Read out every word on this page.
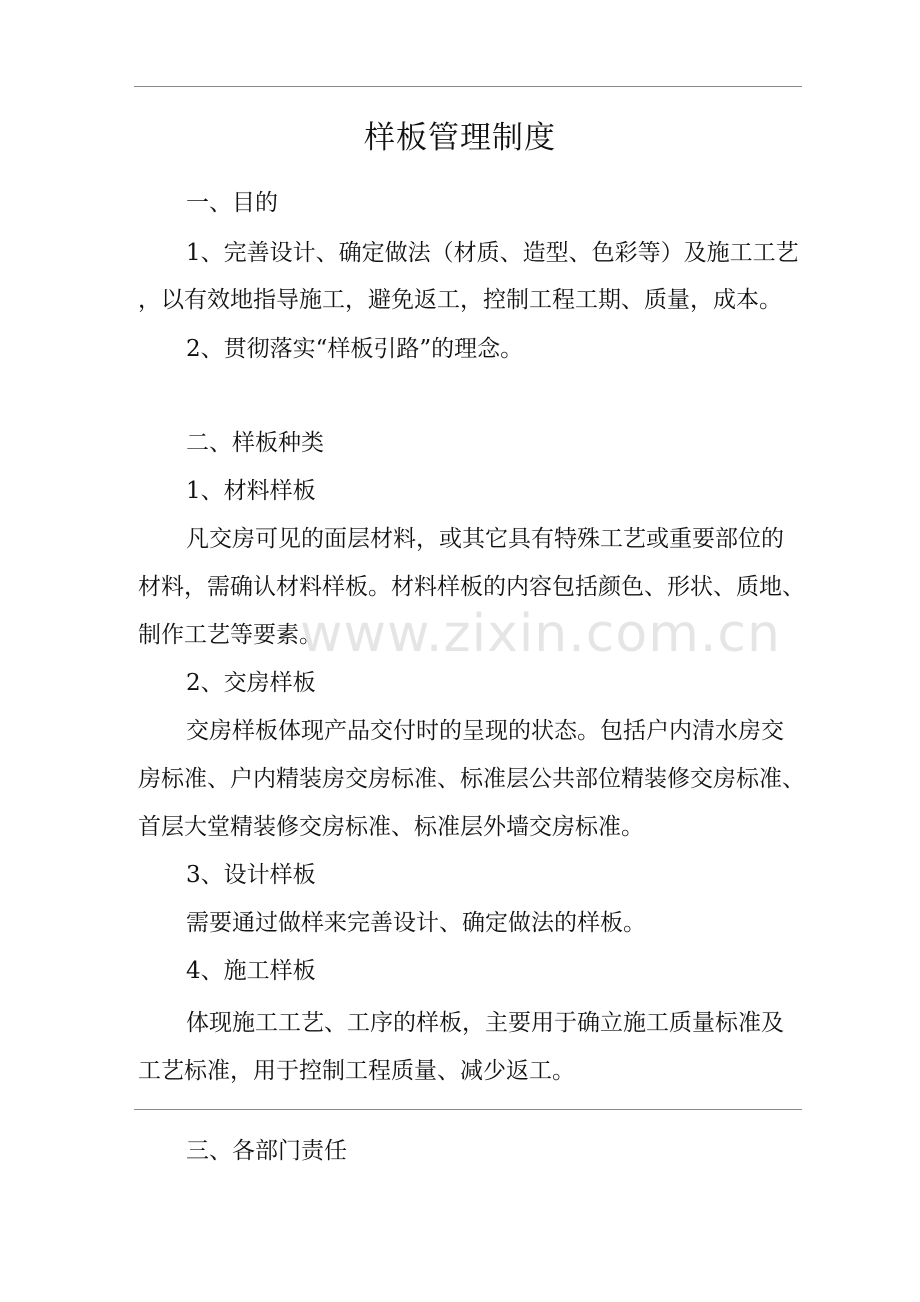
样板管理制度
一、目的
1、完善设计、确定做法（材质、造型、色彩等）及施工工艺
，以有效地指导施工，避免返工，控制工程工期、质量，成本。
2、贯彻落实“样板引路”的理念。
二、样板种类
1、材料样板
凡交房可见的面层材料，或其它具有特殊工艺或重要部位的
材料，需确认材料样板。材料样板的内容包括颜色、形状、质地、
制作工艺等要素。
www.zixin.com.cn
2、交房样板
交房样板体现产品交付时的呈现的状态。包括户内清水房交
房标准、户内精装房交房标准、标准层公共部位精装修交房标准、
首层大堂精装修交房标准、标准层外墙交房标准。
3、设计样板
需要通过做样来完善设计、确定做法的样板。
4、施工样板
体现施工工艺、工序的样板，主要用于确立施工质量标准及
工艺标准，用于控制工程质量、减少返工。
三、各部门责任
